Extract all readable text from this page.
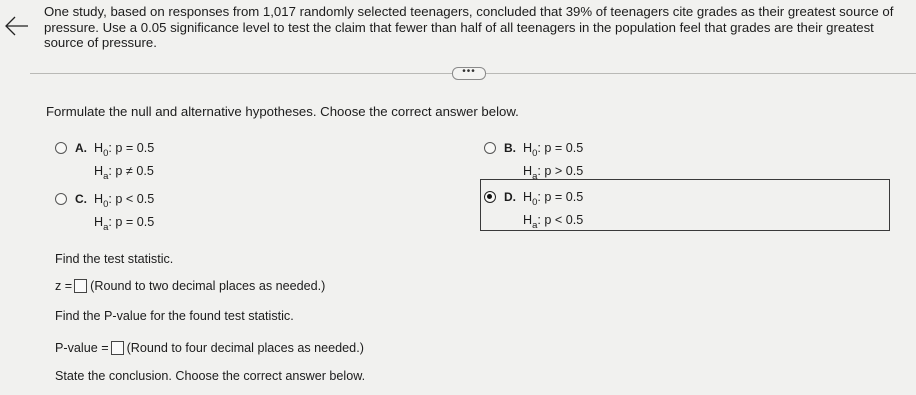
One study, based on responses from 1,017 randomly selected teenagers, concluded that 39% of teenagers cite grades as their greatest source of pressure. Use a 0.05 significance level to test the claim that fewer than half of all teenagers in the population feel that grades are their greatest source of pressure.
•••
Formulate the null and alternative hypotheses. Choose the correct answer below.
A. $H_0$: p = 0.5
$H_a$: p ≠ 0.5
B. $H_0$: p = 0.5
$H_a$: p > 0.5
C. $H_0$: p < 0.5
$H_a$: p = 0.5
D. $H_0$: p = 0.5
$H_a$: p < 0.5
Find the test statistic.
z = (Round to two decimal places as needed.)
Find the P-value for the found test statistic.
P-value = (Round to four decimal places as needed.)
State the conclusion. Choose the correct answer below.
